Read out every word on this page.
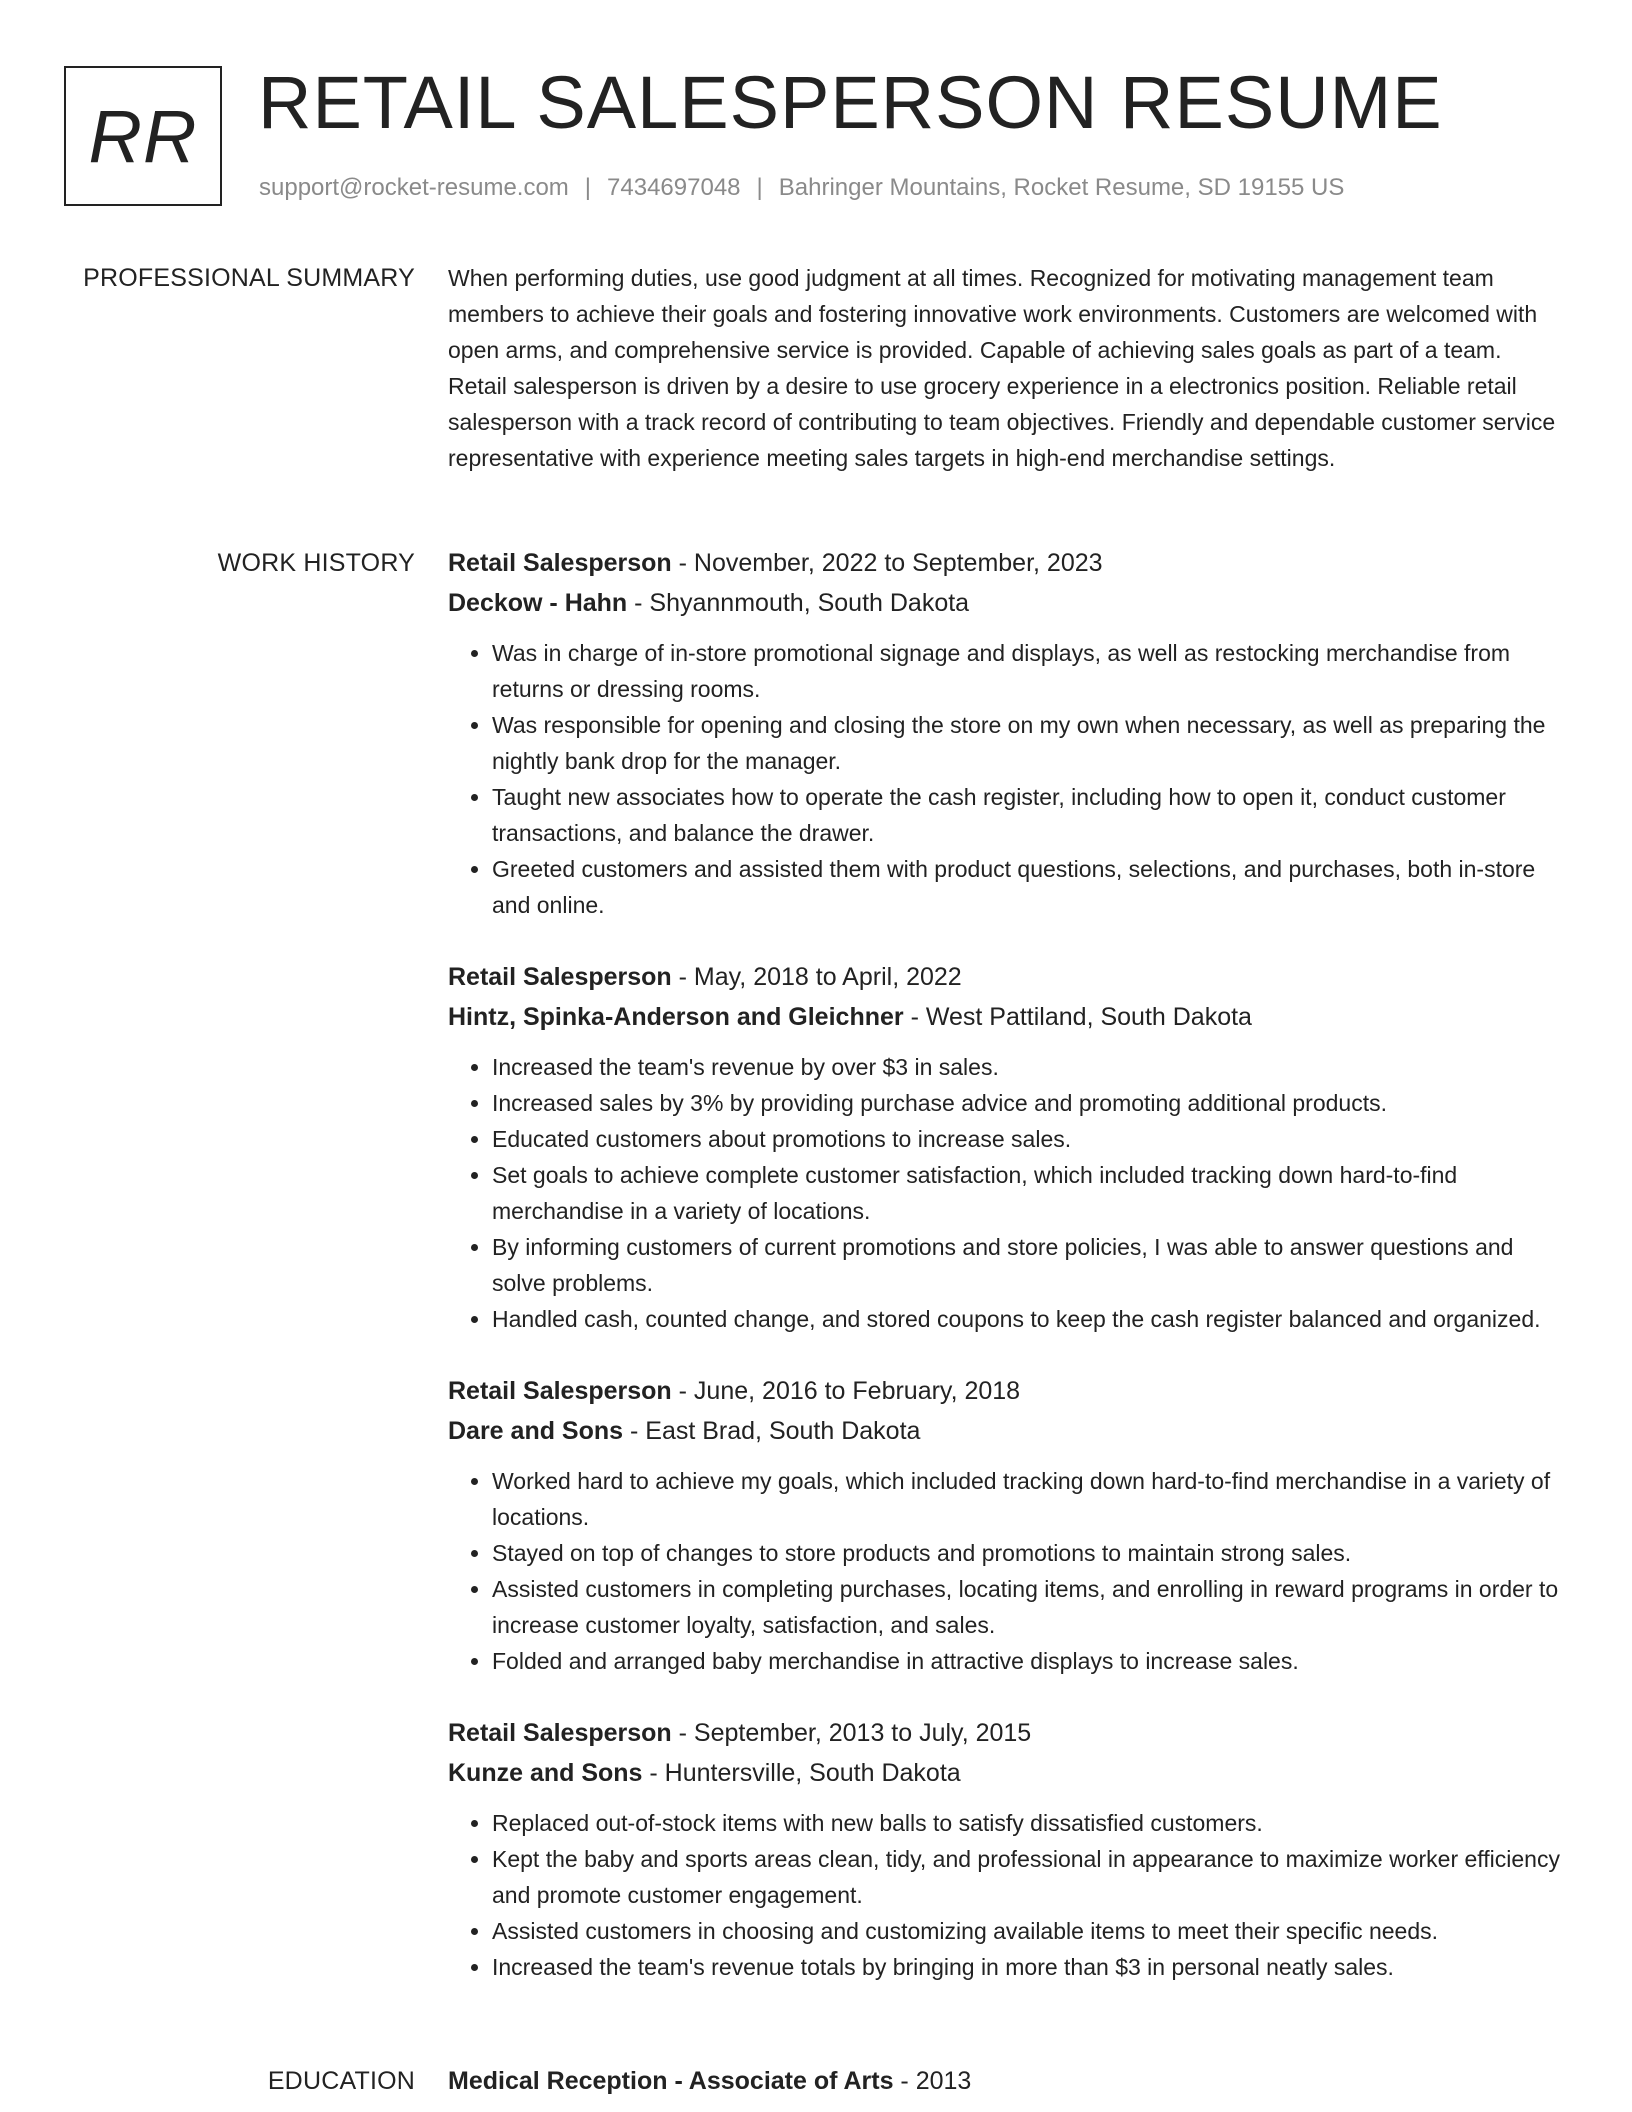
RR RETAIL SALESPERSON RESUME
support@rocket-resume.com | 7434697048 | Bahringer Mountains, Rocket Resume, SD 19155 US
PROFESSIONAL SUMMARY When performing duties, use good judgment at all times. Recognized for motivating management team members to achieve their goals and fostering innovative work environments. Customers are welcomed with open arms, and comprehensive service is provided. Capable of achieving sales goals as part of a team. Retail salesperson is driven by a desire to use grocery experience in a electronics position. Reliable retail salesperson with a track record of contributing to team objectives. Friendly and dependable customer service representative with experience meeting sales targets in high-end merchandise settings.

WORK HISTORY Retail Salesperson - November, 2022 to September, 2023
Deckow - Hahn - Shyannmouth, South Dakota
• Was in charge of in-store promotional signage and displays, as well as restocking merchandise from returns or dressing rooms.
• Was responsible for opening and closing the store on my own when necessary, as well as preparing the nightly bank drop for the manager.
• Taught new associates how to operate the cash register, including how to open it, conduct customer transactions, and balance the drawer.
• Greeted customers and assisted them with product questions, selections, and purchases, both in-store and online.
Retail Salesperson - May, 2018 to April, 2022
Hintz, Spinka-Anderson and Gleichner - West Pattiland, South Dakota
• Increased the team's revenue by over $3 in sales.
• Increased sales by 3% by providing purchase advice and promoting additional products.
• Educated customers about promotions to increase sales.
• Set goals to achieve complete customer satisfaction, which included tracking down hard-to-find merchandise in a variety of locations.
• By informing customers of current promotions and store policies, I was able to answer questions and solve problems.
• Handled cash, counted change, and stored coupons to keep the cash register balanced and organized.
Retail Salesperson - June, 2016 to February, 2018
Dare and Sons - East Brad, South Dakota
• Worked hard to achieve my goals, which included tracking down hard-to-find merchandise in a variety of locations.
• Stayed on top of changes to store products and promotions to maintain strong sales.
• Assisted customers in completing purchases, locating items, and enrolling in reward programs in order to increase customer loyalty, satisfaction, and sales.
• Folded and arranged baby merchandise in attractive displays to increase sales.
Retail Salesperson - September, 2013 to July, 2015
Kunze and Sons - Huntersville, South Dakota
• Replaced out-of-stock items with new balls to satisfy dissatisfied customers.
• Kept the baby and sports areas clean, tidy, and professional in appearance to maximize worker efficiency and promote customer engagement.
• Assisted customers in choosing and customizing available items to meet their specific needs.
• Increased the team's revenue totals by bringing in more than $3 in personal neatly sales.
EDUCATION Medical Reception - Associate of Arts - 2013
